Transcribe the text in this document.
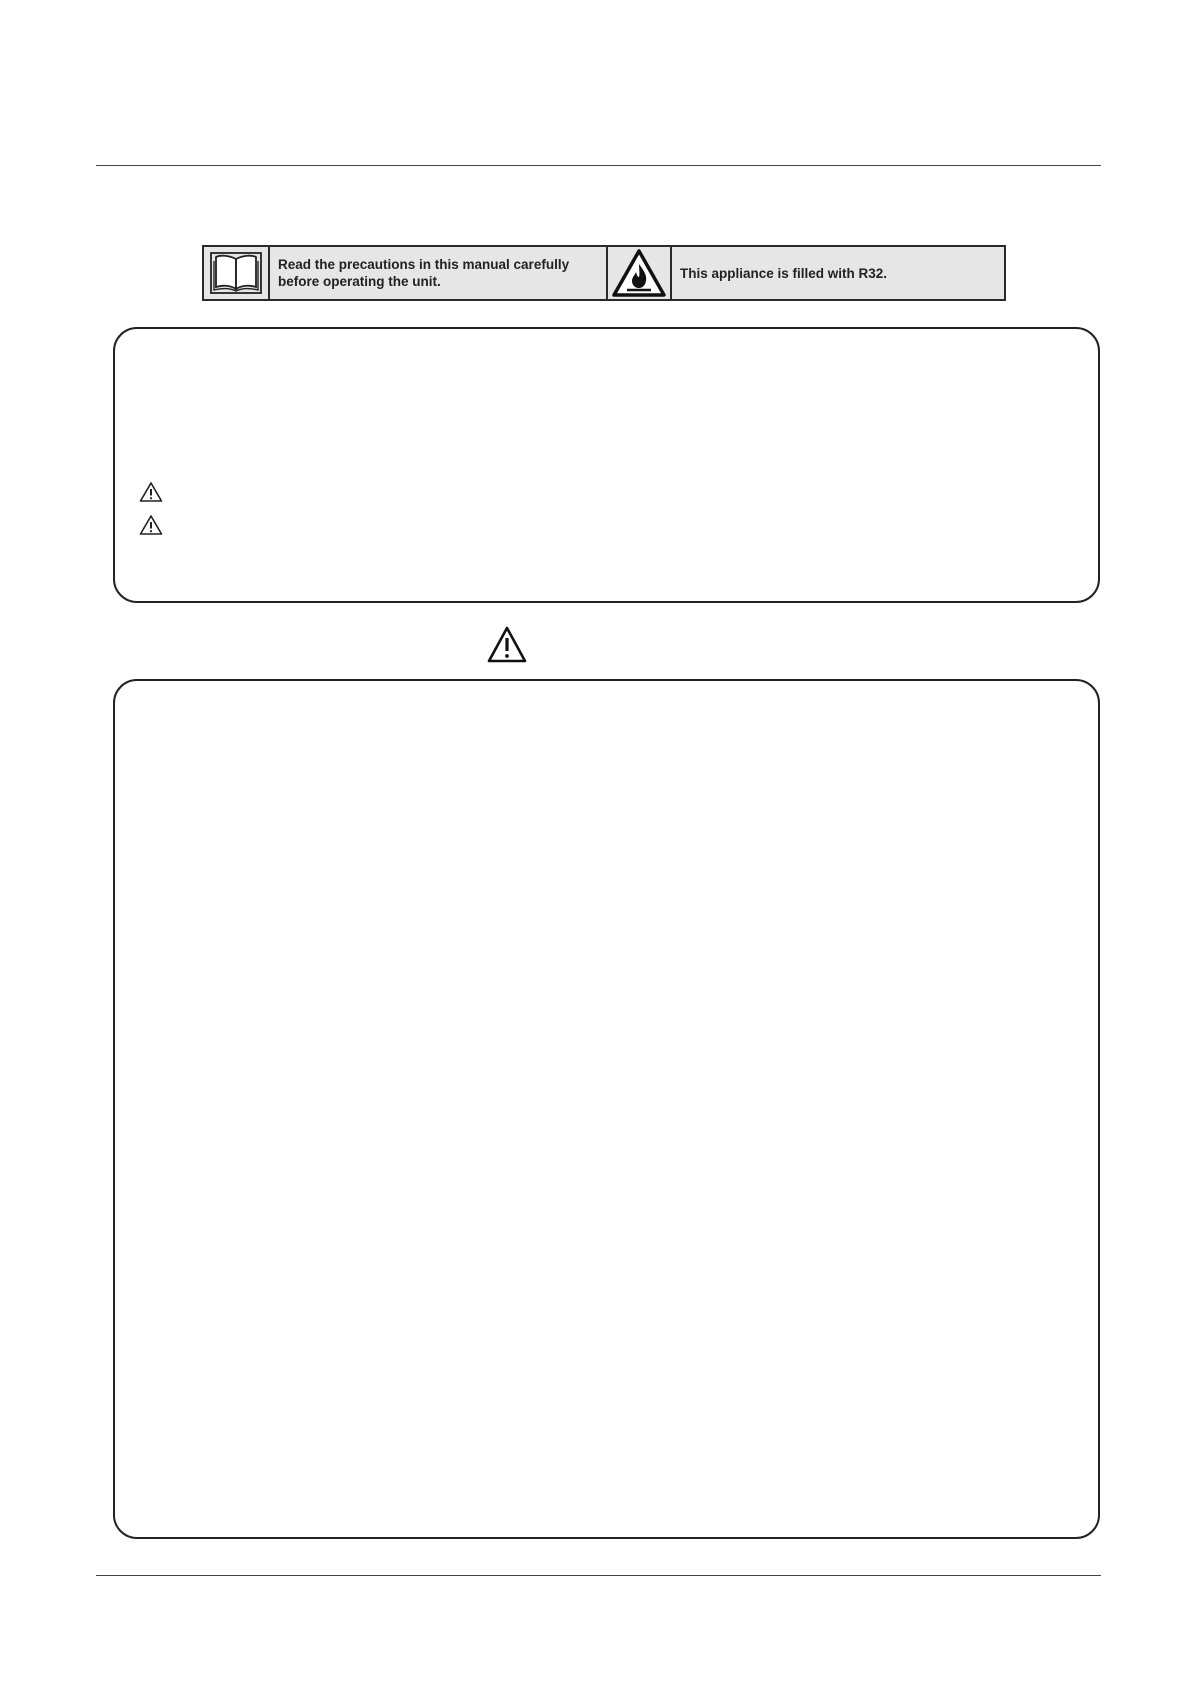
Read the precautions in this manual carefully before operating the unit.
This appliance is filled with R32.
